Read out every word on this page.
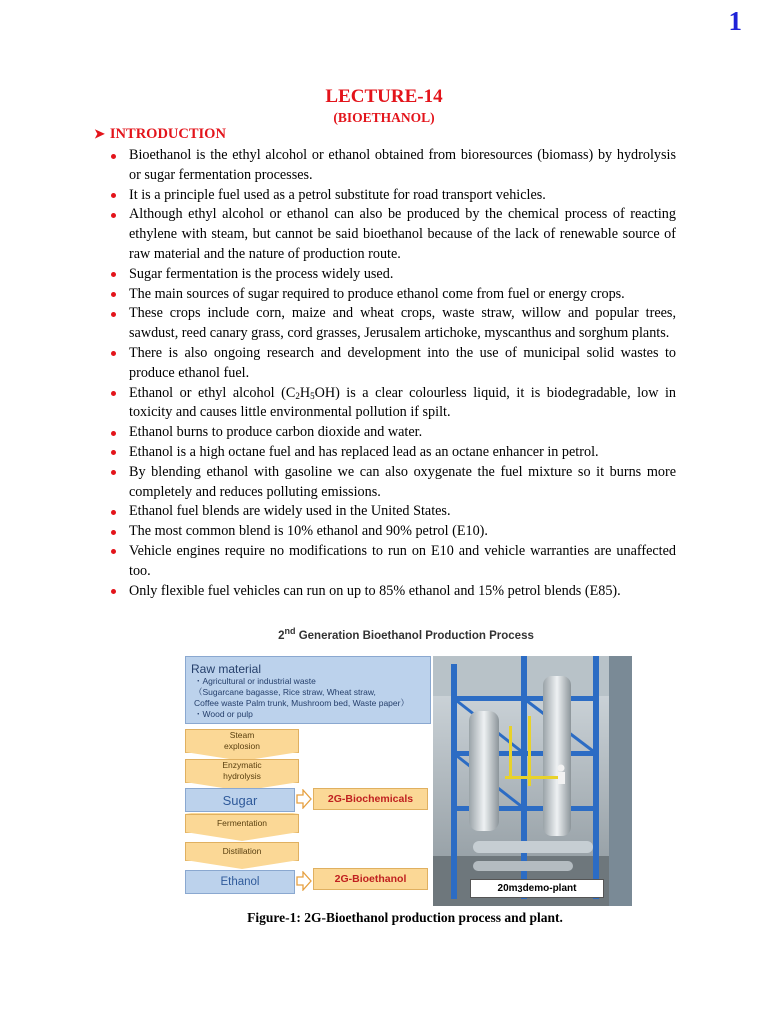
1
LECTURE-14
(BIOETHANOL)
➤ INTRODUCTION
Bioethanol is the ethyl alcohol or ethanol obtained from bioresources (biomass) by hydrolysis or sugar fermentation processes.
It is a principle fuel used as a petrol substitute for road transport vehicles.
Although ethyl alcohol or ethanol can also be produced by the chemical process of reacting ethylene with steam, but cannot be said bioethanol because of the lack of renewable source of raw material and the nature of production route.
Sugar fermentation is the process widely used.
The main sources of sugar required to produce ethanol come from fuel or energy crops.
These crops include corn, maize and wheat crops, waste straw, willow and popular trees, sawdust, reed canary grass, cord grasses, Jerusalem artichoke, myscanthus and sorghum plants.
There is also ongoing research and development into the use of municipal solid wastes to produce ethanol fuel.
Ethanol or ethyl alcohol $(C_2H_5OH)$ is a clear colourless liquid, it is biodegradable, low in toxicity and causes little environmental pollution if spilt.
Ethanol burns to produce carbon dioxide and water.
Ethanol is a high octane fuel and has replaced lead as an octane enhancer in petrol.
By blending ethanol with gasoline we can also oxygenate the fuel mixture so it burns more completely and reduces polluting emissions.
Ethanol fuel blends are widely used in the United States.
The most common blend is 10% ethanol and 90% petrol (E10).
Vehicle engines require no modifications to run on E10 and vehicle warranties are unaffected too.
Only flexible fuel vehicles can run on up to 85% ethanol and 15% petrol blends (E85).
2nd Generation Bioethanol Production Process
Raw material
・Agricultural or industrial waste
（Sugarcane bagasse, Rice straw, Wheat straw,
Coffee waste Palm trunk, Mushroom bed, Waste paper）
・Wood or pulp
Steam
explosion
Enzymatic
hydrolysis
Sugar	2G-Biochemicals
Fermentation
Distillation
Ethanol	2G-Bioethanol
20m 3 demo-plant
Figure-1: 2G-Bioethanol production process and plant.
